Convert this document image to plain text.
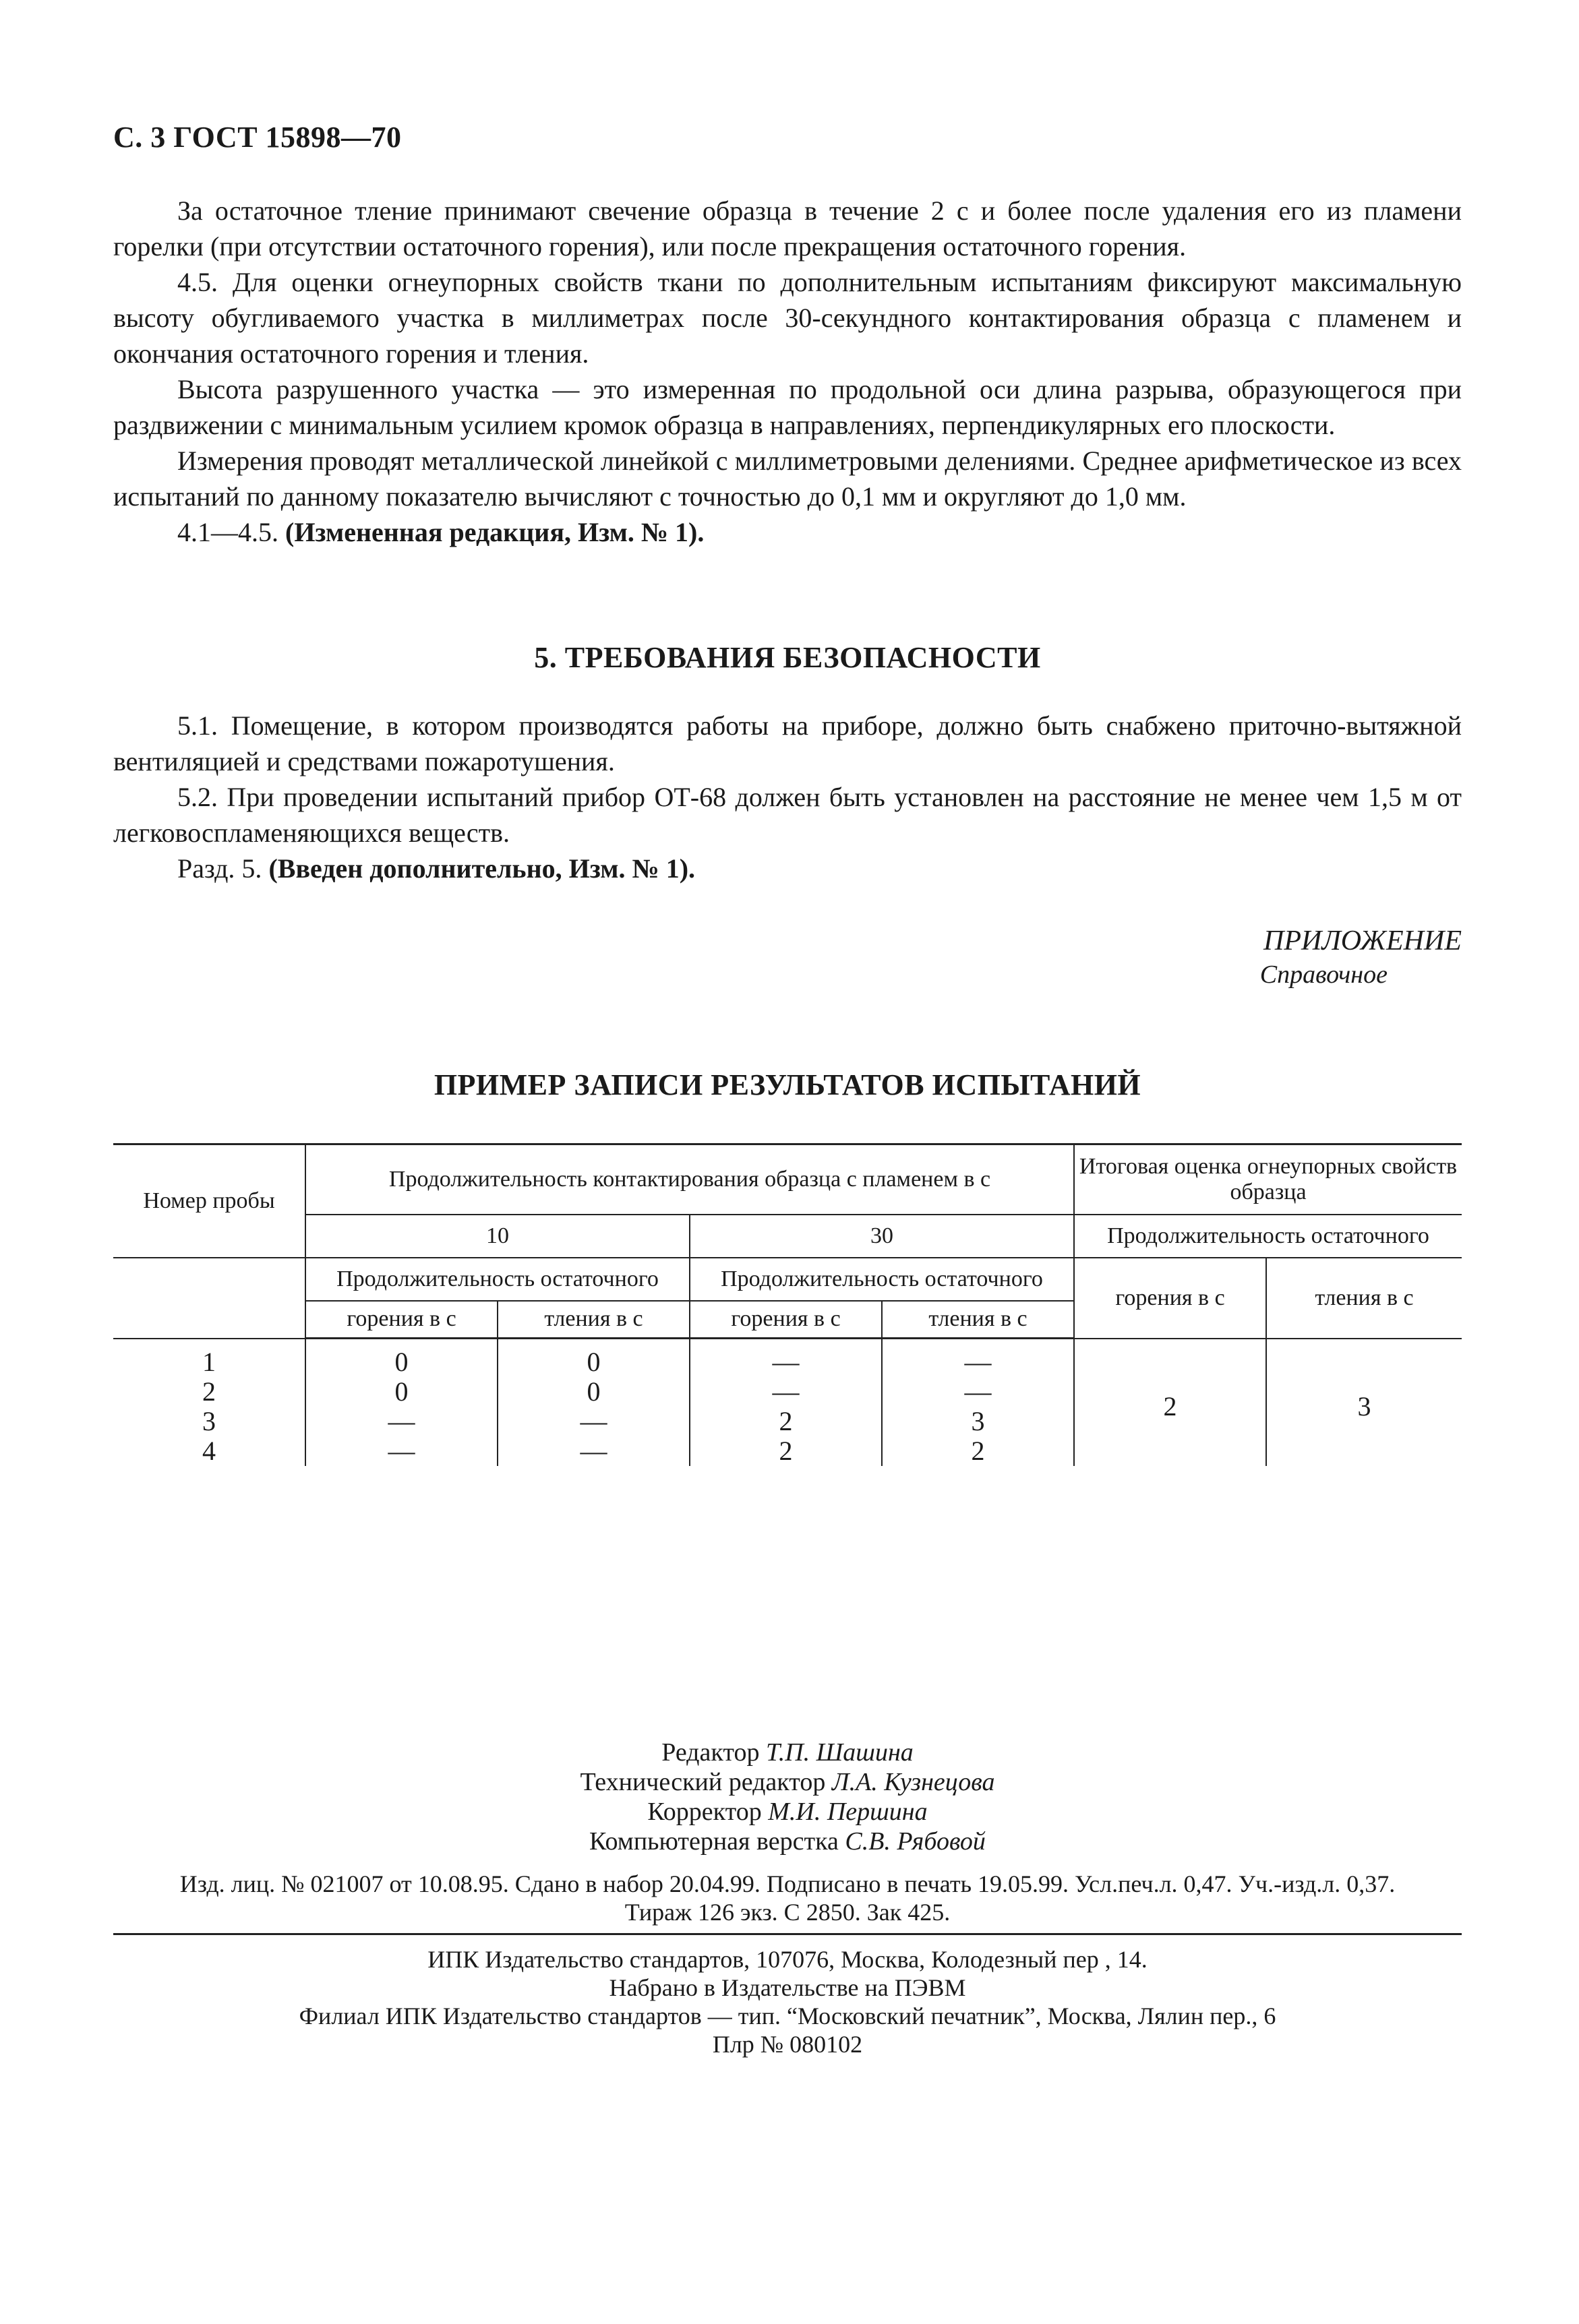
С. 3 ГОСТ 15898—70

За остаточное тление принимают свечение образца в течение 2 с и более после удаления его из пламени горелки (при отсутствии остаточного горения), или после прекращения остаточного горения.

4.5. Для оценки огнеупорных свойств ткани по дополнительным испытаниям фиксируют максимальную высоту обугливаемого участка в миллиметрах после 30-секундного контактирования образца с пламенем и окончания остаточного горения и тления.

Высота разрушенного участка — это измеренная по продольной оси длина разрыва, образующегося при раздвижении с минимальным усилием кромок образца в направлениях, перпендикулярных его плоскости.

Измерения проводят металлической линейкой с миллиметровыми делениями. Среднее арифметическое из всех испытаний по данному показателю вычисляют с точностью до 0,1 мм и округляют до 1,0 мм.

4.1—4.5. (Измененная редакция, Изм. № 1).

5. ТРЕБОВАНИЯ БЕЗОПАСНОСТИ

5.1. Помещение, в котором производятся работы на приборе, должно быть снабжено приточно-вытяжной вентиляцией и средствами пожаротушения.

5.2. При проведении испытаний прибор ОТ-68 должен быть установлен на расстояние не менее чем 1,5 м от легковоспламеняющихся веществ.

Разд. 5. (Введен дополнительно, Изм. № 1).

ПРИЛОЖЕНИЕ
Справочное
ПРИМЕР ЗАПИСИ РЕЗУЛЬТАТОВ ИСПЫТАНИЙ
Номер пробы	Продолжительность контактирования образца с пламенем в с				Итоговая оценка огнеупорных свойств образца	
	10		30		Продолжительность остаточного	
	Продолжительность остаточного		Продолжительность остаточного		горения в с	тления в с
	горения в с	тления в с	горения в с	тления в с		
1	0	0	—	—	2	3
2	0	0	—	—		
3	—	—	2	3		
4	—	—	2	2		
Редактор Т.П. Шашина
Технический редактор Л.А. Кузнецова
Корректор М.И. Першина
Компьютерная верстка С.В. Рябовой
Изд. лиц. № 021007 от 10.08.95. Сдано в набор 20.04.99. Подписано в печать 19.05.99. Усл.печ.л. 0,47. Уч.-изд.л. 0,37.
Тираж 126 экз. С 2850. Зак 425.
ИПК Издательство стандартов, 107076, Москва, Колодезный пер , 14.
Набрано в Издательстве на ПЭВМ
Филиал ИПК Издательство стандартов — тип. “Московский печатник”, Москва, Лялин пер., 6
Плр № 080102
